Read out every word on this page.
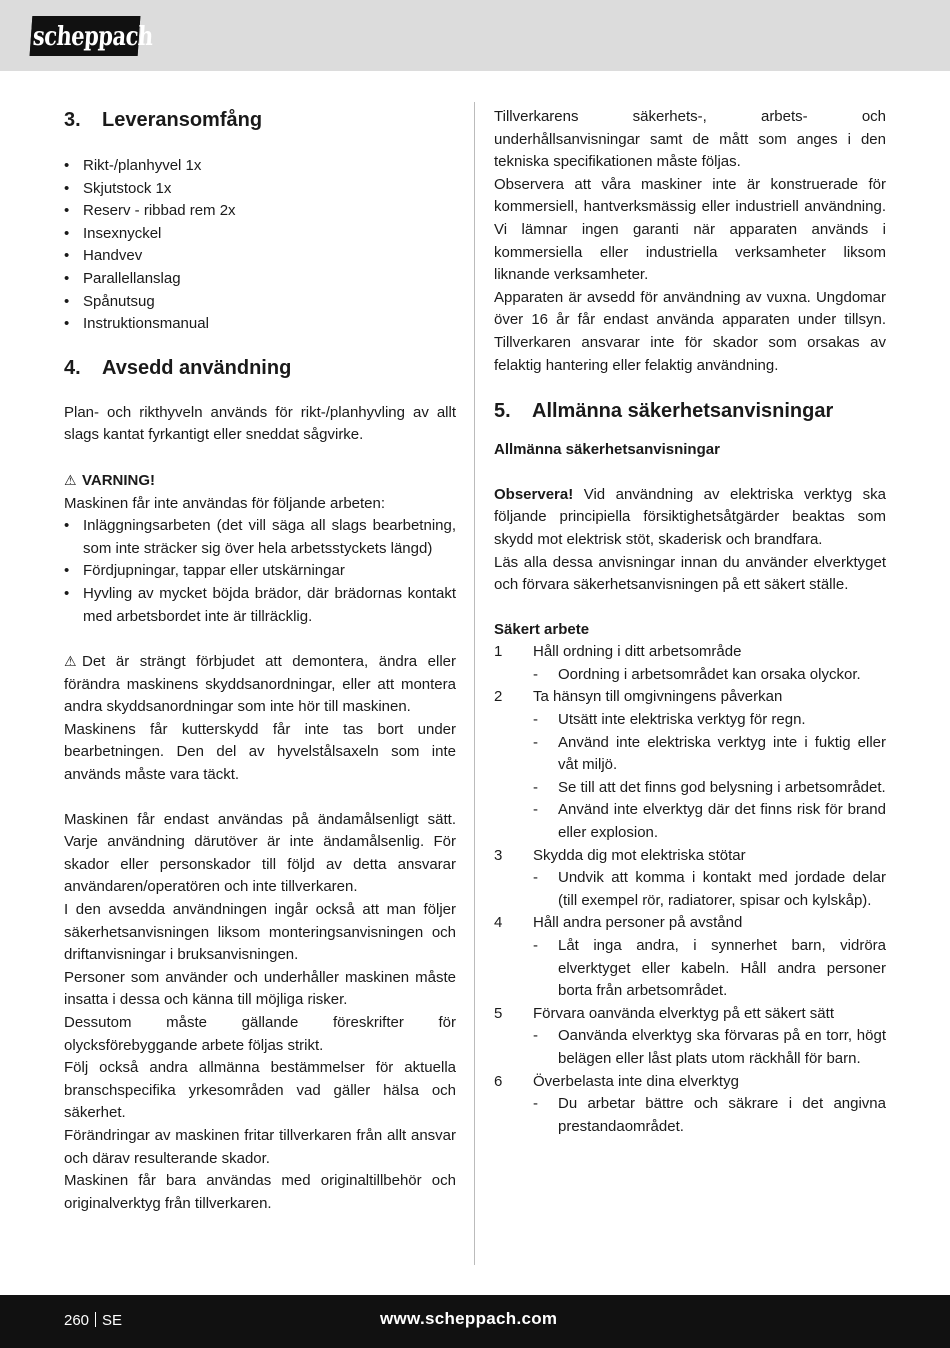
scheppach
3. Leveransomfång
• Rikt-/planhyvel 1x
• Skjutstock 1x
• Reserv - ribbad rem 2x
• Insexnyckel
• Handvev
• Parallellanslag
• Spånutsug
• Instruktionsmanual
4. Avsedd användning

Plan- och rikthyveln används för rikt-/planhyvling av allt slags kantat fyrkantigt eller sneddat sågvirke.

⚠ VARNING!

Maskinen får inte användas för följande arbeten:

• Inläggningsarbeten (det vill säga all slags bearbetning, som inte sträcker sig över hela arbetsstyckets längd)
• Fördjupningar, tappar eller utskärningar
• Hyvling av mycket böjda brädor, där brädornas kontakt med arbetsbordet inte är tillräcklig.

⚠ Det är strängt förbjudet att demontera, ändra eller förändra maskinens skyddsanordningar, eller att montera andra skyddsanordningar som inte hör till maskinen.

Maskinens får kutterskydd får inte tas bort under bearbetningen. Den del av hyvelstålsaxeln som inte används måste vara täckt.

Maskinen får endast användas på ändamålsenligt sätt. Varje användning därutöver är inte ändamålsenlig. För skador eller personskador till följd av detta ansvarar användaren/operatören och inte tillverkaren.

I den avsedda användningen ingår också att man följer säkerhetsanvisningen liksom monteringsanvisningen och driftanvisningar i bruksanvisningen.

Personer som använder och underhåller maskinen måste insatta i dessa och känna till möjliga risker.

Dessutom måste gällande föreskrifter för olycksförebyggande arbete följas strikt.

Följ också andra allmänna bestämmelser för aktuella branschspecifika yrkesområden vad gäller hälsa och säkerhet.

Förändringar av maskinen fritar tillverkaren från allt ansvar och därav resulterande skador.

Maskinen får bara användas med originaltillbehör och originalverktyg från tillverkaren.

Tillverkarens säkerhets-, arbets- och underhållsanvisningar samt de mått som anges i den tekniska specifikationen måste följas.

Observera att våra maskiner inte är konstruerade för kommersiell, hantverksmässig eller industriell användning. Vi lämnar ingen garanti när apparaten används i kommersiella eller industriella verksamheter liksom liknande verksamheter.

Apparaten är avsedd för användning av vuxna. Ungdomar över 16 år får endast använda apparaten under tillsyn. Tillverkaren ansvarar inte för skador som orsakas av felaktig hantering eller felaktig användning.

5. Allmänna säkerhetsanvisningar
Allmänna säkerhetsanvisningar

Observera! Vid användning av elektriska verktyg ska följande principiella försiktighetsåtgärder beaktas som skydd mot elektrisk stöt, skaderisk och brandfara.

Läs alla dessa anvisningar innan du använder elverktyget och förvara säkerhetsanvisningen på ett säkert ställe.

Säkert arbete
1 Håll ordning i ditt arbetsområde
- Oordning i arbetsområdet kan orsaka olyckor.
2 Ta hänsyn till omgivningens påverkan
- Utsätt inte elektriska verktyg för regn.
- Använd inte elektriska verktyg inte i fuktig eller våt miljö.
- Se till att det finns god belysning i arbetsområdet.
- Använd inte elverktyg där det finns risk för brand eller explosion.
3 Skydda dig mot elektriska stötar
- Undvik att komma i kontakt med jordade delar (till exempel rör, radiatorer, spisar och kylskåp).
4 Håll andra personer på avstånd
- Låt inga andra, i synnerhet barn, vidröra elverktyget eller kabeln. Håll andra personer borta från arbetsområdet.
5 Förvara oanvända elverktyg på ett säkert sätt
- Oanvända elverktyg ska förvaras på en torr, högt belägen eller låst plats utom räckhåll för barn.
6 Överbelasta inte dina elverktyg
- Du arbetar bättre och säkrare i det angivna prestandaområdet.
260 SE	www.scheppach.com
